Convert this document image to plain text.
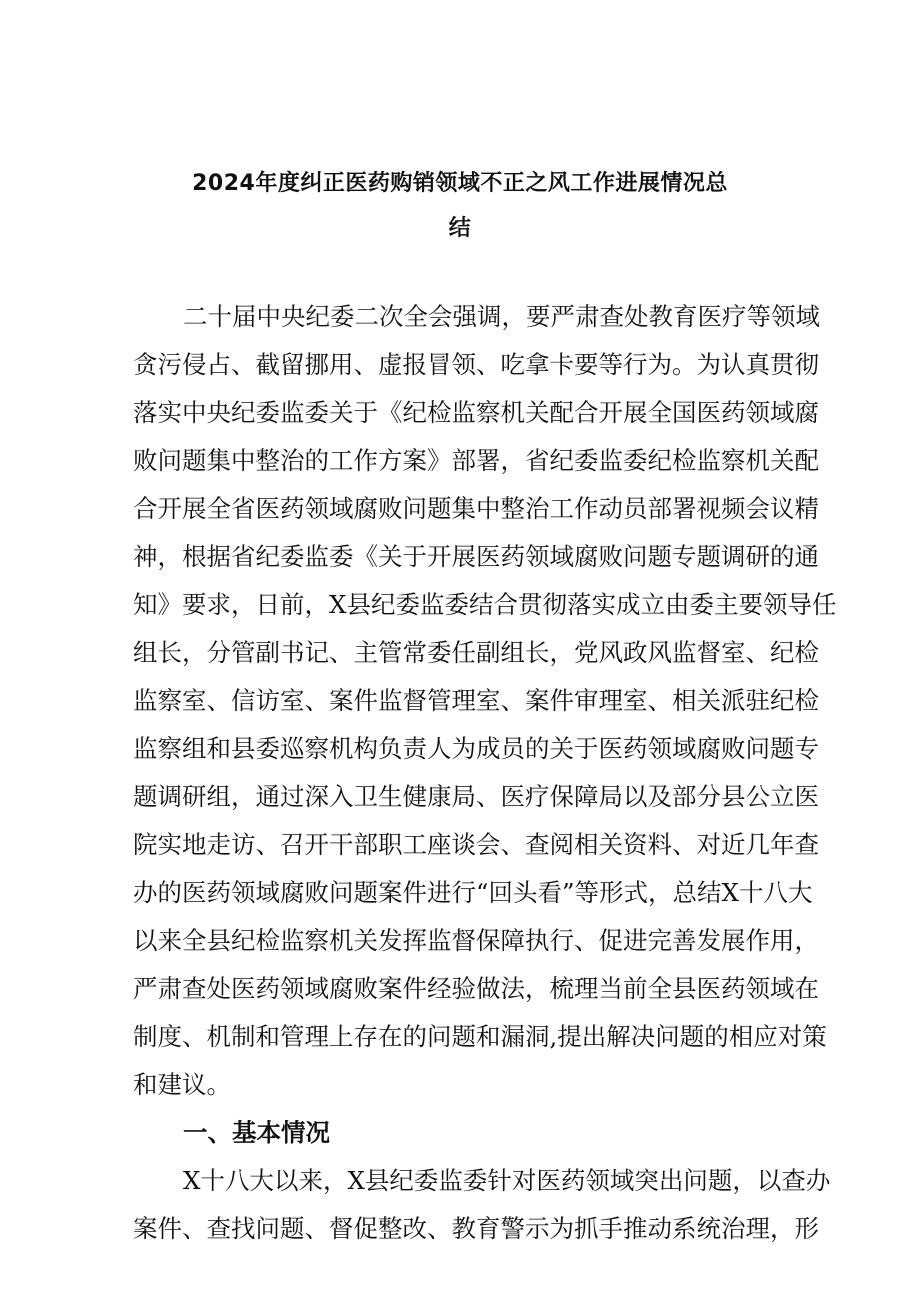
2024年度纠正医药购销领域不正之风工作进展情况总
结
二十届中央纪委二次全会强调，要严肃查处教育医疗等领域
贪污侵占、截留挪用、虚报冒领、吃拿卡要等行为。为认真贯彻
落实中央纪委监委关于《纪检监察机关配合开展全国医药领域腐
败问题集中整治的工作方案》部署，省纪委监委纪检监察机关配
合开展全省医药领域腐败问题集中整治工作动员部署视频会议精
神，根据省纪委监委《关于开展医药领域腐败问题专题调研的通
知》要求，日前，X县纪委监委结合贯彻落实成立由委主要领导任
组长，分管副书记、主管常委任副组长，党风政风监督室、纪检
监察室、信访室、案件监督管理室、案件审理室、相关派驻纪检
监察组和县委巡察机构负责人为成员的关于医药领域腐败问题专
题调研组，通过深入卫生健康局、医疗保障局以及部分县公立医
院实地走访、召开干部职工座谈会、查阅相关资料、对近几年查
办的医药领域腐败问题案件进行“回头看”等形式，总结X十八大
以来全县纪检监察机关发挥监督保障执行、促进完善发展作用，
严肃查处医药领域腐败案件经验做法，梳理当前全县医药领域在
制度、机制和管理上存在的问题和漏洞,提出解决问题的相应对策
和建议。
一、基本情况
X十八大以来，X县纪委监委针对医药领域突出问题，以查办
案件、查找问题、督促整改、教育警示为抓手推动系统治理，形
